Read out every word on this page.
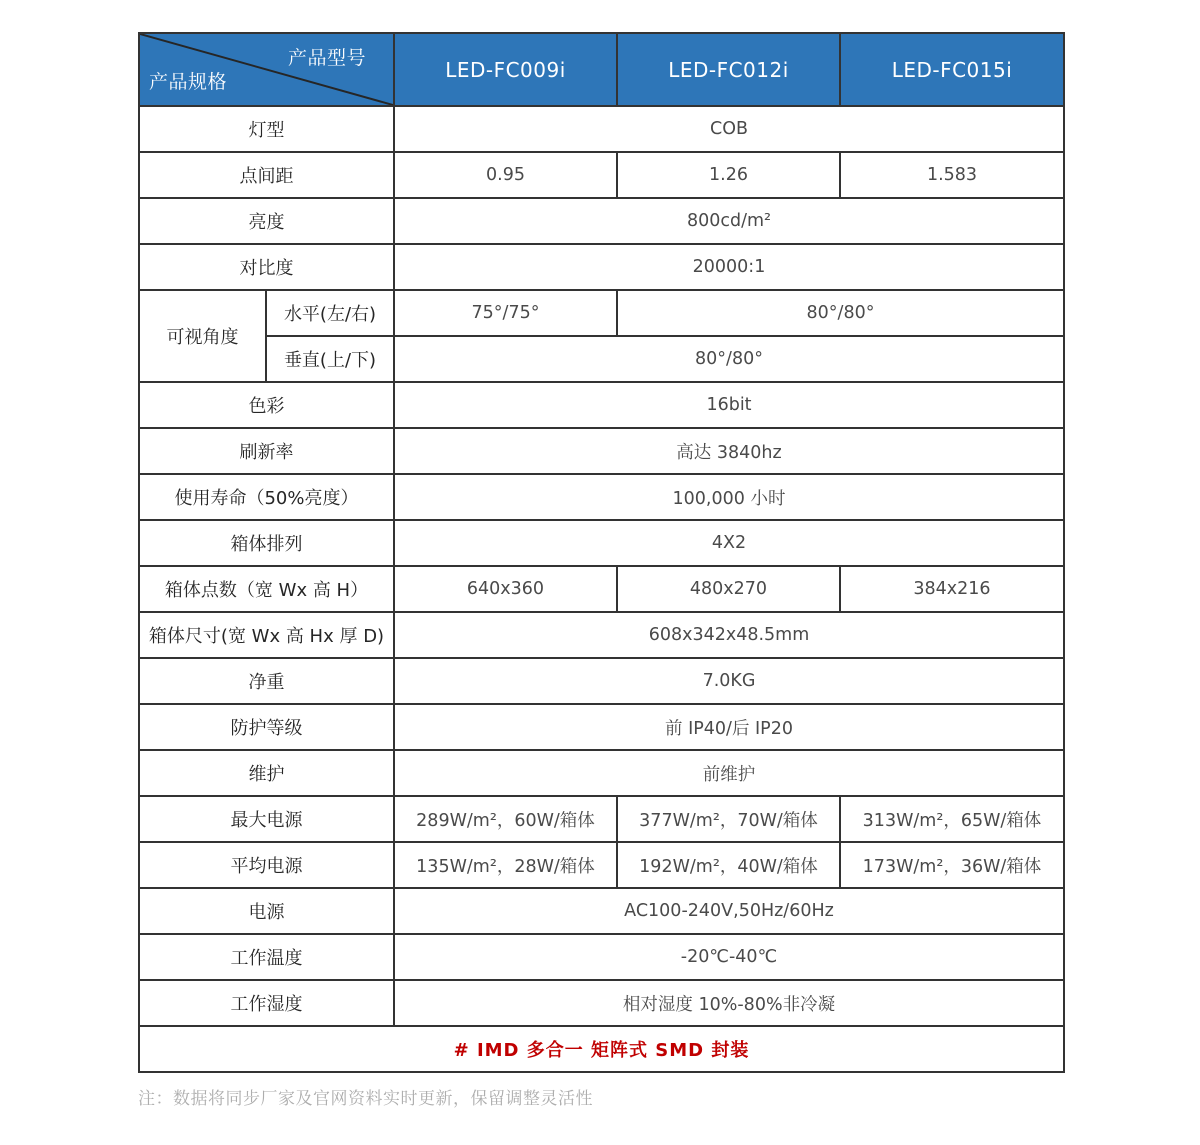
产品型号
产品规格		LED-FC009i	LED-FC012i	LED-FC015i
灯型		COB		
点间距		0.95	1.26	1.583
亮度		800cd/m²		
对比度		20000:1		
可视角度	水平(左/右)	75°/75°	80°/80°	
	垂直(上/下)	80°/80°		
色彩		16bit		
刷新率		高达 3840hz		
使用寿命（50%亮度）		100,000 小时		
箱体排列		4X2		
箱体点数（宽 Wx 高 H）		640x360	480x270	384x216
箱体尺寸(宽 Wx 高 Hx 厚 D)		608x342x48.5mm		
净重		7.0KG		
防护等级		前 IP40/后 IP20		
维护		前维护		
最大电源		289W/m²，60W/箱体	377W/m²，70W/箱体	313W/m²，65W/箱体
平均电源		135W/m²，28W/箱体	192W/m²，40W/箱体	173W/m²，36W/箱体
电源		AC100-240V,50Hz/60Hz		
工作温度		-20℃-40℃		
工作湿度		相对湿度 10%-80%非冷凝		
# IMD 多合一 矩阵式 SMD 封装				
注：数据将同步厂家及官网资料实时更新，保留调整灵活性
